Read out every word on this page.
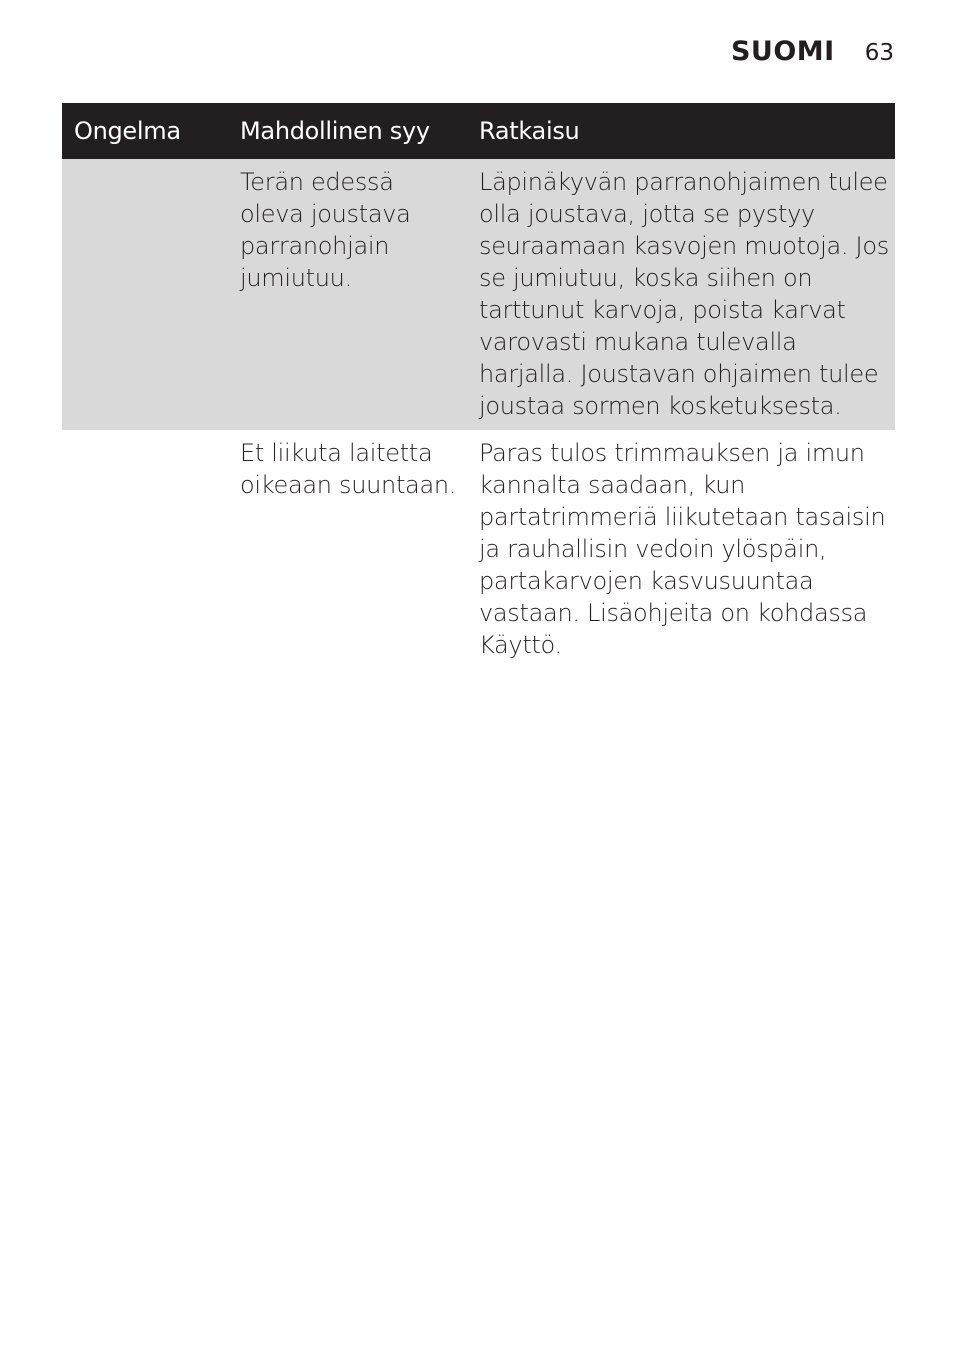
SUOMI 63
Ongelma	Mahdollinen syy	Ratkaisu
	Terän edessä oleva joustava parranohjain jumiutuu.	Läpinäkyvän parranohjaimen tulee olla joustava, jotta se pystyy seuraamaan kasvojen muotoja. Jos se jumiutuu, koska siihen on tarttunut karvoja, poista karvat varovasti mukana tulevalla harjalla. Joustavan ohjaimen tulee joustaa sormen kosketuksesta.
	Et liikuta laitetta oikeaan suuntaan.	Paras tulos trimmauksen ja imun kannalta saadaan, kun partatrimmeriä liikutetaan tasaisin ja rauhallisin vedoin ylöspäin, partakarvojen kasvusuuntaa vastaan. Lisäohjeita on kohdassa Käyttö.
